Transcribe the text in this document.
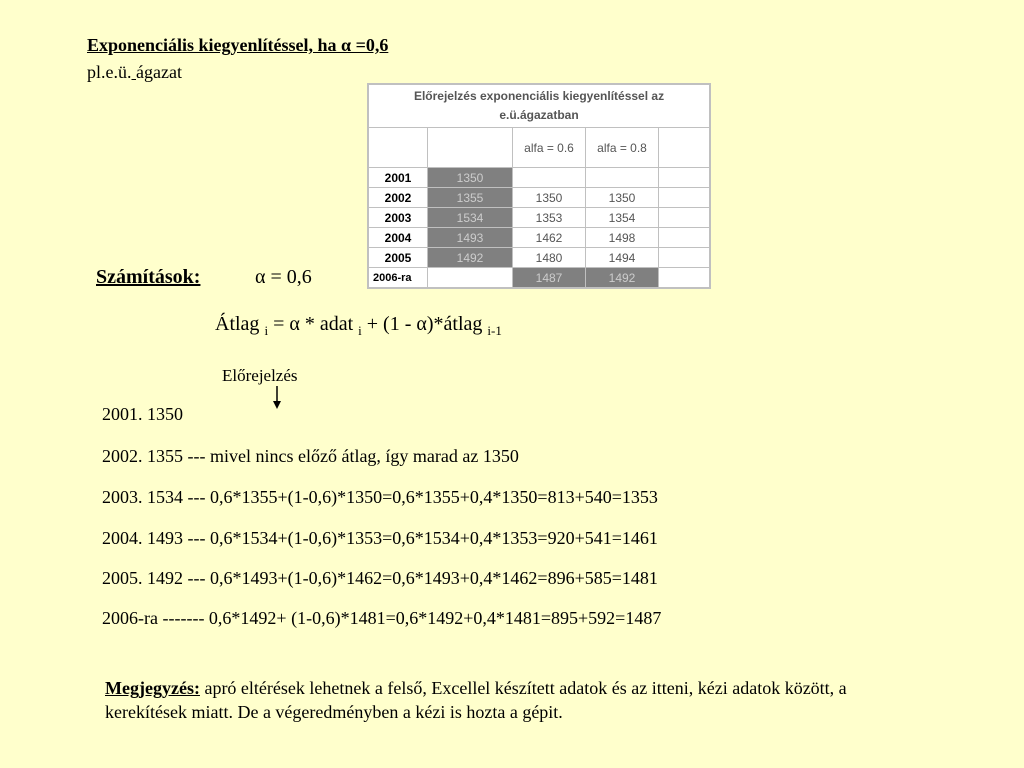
Exponenciális kiegyenlítéssel, ha α =0,6
pl.e.ü. ágazat
Előrejelzés exponenciális kiegyenlítéssel az
e.ü.ágazatban				
		alfa = 0.6	alfa = 0.8	
2001	1350			
2002	1355	1350	1350	
2003	1534	1353	1354	
2004	1493	1462	1498	
2005	1492	1480	1494	
2006-ra		1487	1492	
Számítások:	α = 0,6
Átlag $_i$ = α * adat $_i$ + (1 - α)*átlag $_{i-1}$
Előrejelzés
2001. 1350
2002. 1355 --- mivel nincs előző átlag, így marad az 1350
2003. 1534 --- 0,6*1355+(1-0,6)*1350=0,6*1355+0,4*1350=813+540=1353
2004. 1493 --- 0,6*1534+(1-0,6)*1353=0,6*1534+0,4*1353=920+541=1461
2005. 1492 --- 0,6*1493+(1-0,6)*1462=0,6*1493+0,4*1462=896+585=1481
2006-ra ------- 0,6*1492+ (1-0,6)*1481=0,6*1492+0,4*1481=895+592=1487
Megjegyzés: apró eltérések lehetnek a felső, Excellel készített adatok és az itteni, kézi adatok között, a kerekítések miatt. De a végeredményben a kézi is hozta a gépit.
